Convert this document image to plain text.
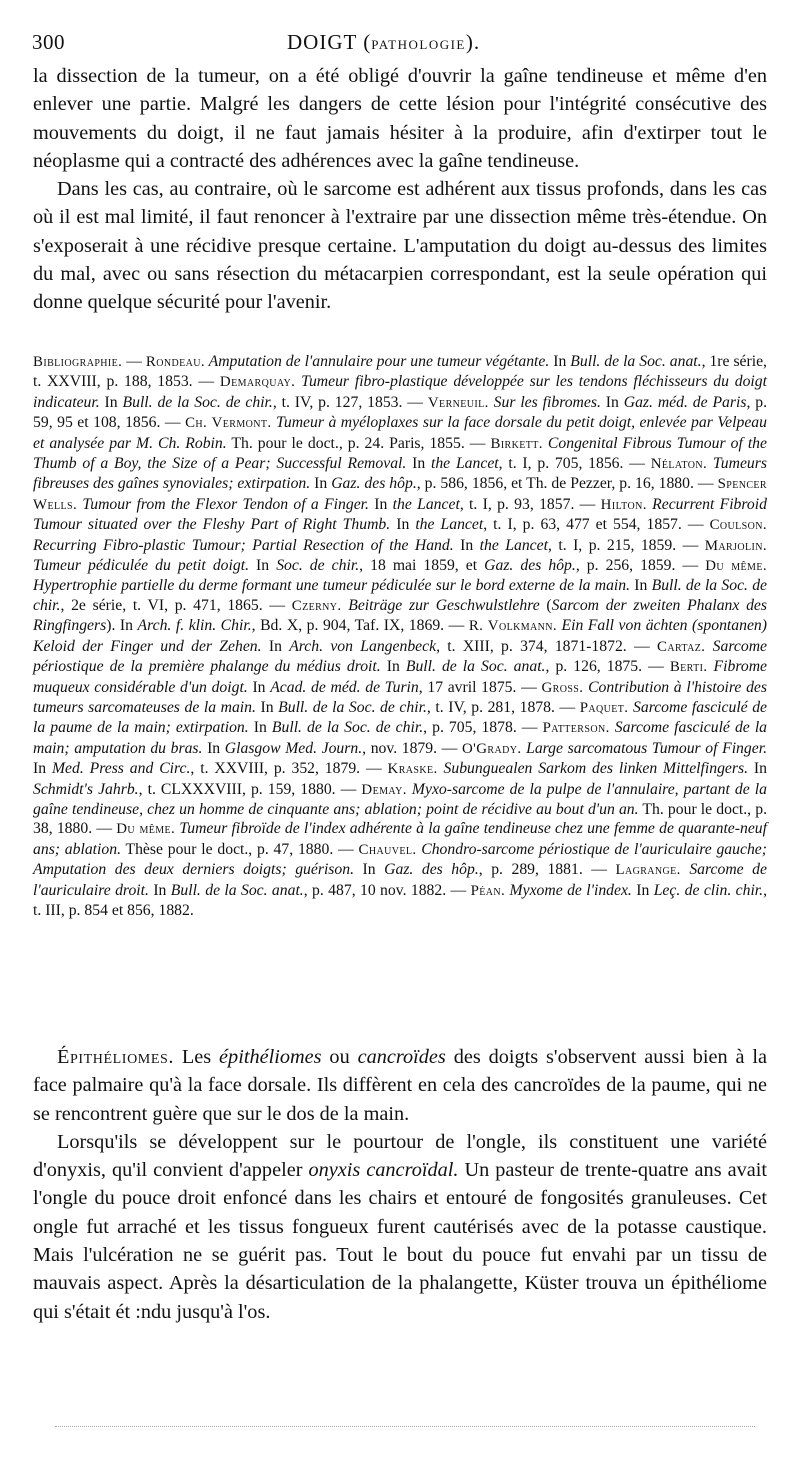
300	DOIGT (PATHOLOGIE).

la dissection de la tumeur, on a été obligé d'ouvrir la gaîne tendineuse et même d'en enlever une partie. Malgré les dangers de cette lésion pour l'intégrité consécutive des mouvements du doigt, il ne faut jamais hésiter à la produire, afin d'extirper tout le néoplasme qui a contracté des adhérences avec la gaîne tendineuse.

Dans les cas, au contraire, où le sarcome est adhérent aux tissus profonds, dans les cas où il est mal limité, il faut renoncer à l'extraire par une dissection même très-étendue. On s'exposerait à une récidive presque certaine. L'amputation du doigt au-dessus des limites du mal, avec ou sans résection du métacarpien correspondant, est la seule opération qui donne quelque sécurité pour l'avenir.

Bibliographie. — Rondeau. Amputation de l'annulaire pour une tumeur végétante. In Bull. de la Soc. anat., 1re série, t. XXVIII, p. 188, 1853. — Demarquay. Tumeur fibro-plastique développée sur les tendons fléchisseurs du doigt indicateur. In Bull. de la Soc. de chir., t. IV, p. 127, 1853. — Verneuil. Sur les fibromes. In Gaz. méd. de Paris, p. 59, 95 et 108, 1856. — Ch. Vermont. Tumeur à myéloplaxes sur la face dorsale du petit doigt, enlevée par Velpeau et analysée par M. Ch. Robin. Th. pour le doct., p. 24. Paris, 1855. — Birkett. Congenital Fibrous Tumour of the Thumb of a Boy, the Size of a Pear; Successful Removal. In the Lancet, t. I, p. 705, 1856. — Nélaton. Tumeurs fibreuses des gaînes synoviales; extirpation. In Gaz. des hôp., p. 586, 1856, et Th. de Pezzer, p. 16, 1880. — Spencer Wells. Tumour from the Flexor Tendon of a Finger. In the Lancet, t. I, p. 93, 1857. — Hilton. Recurrent Fibroid Tumour situated over the Fleshy Part of Right Thumb. In the Lancet, t. I, p. 63, 477 et 554, 1857. — Coulson. Recurring Fibro-plastic Tumour; Partial Resection of the Hand. In the Lancet, t. I, p. 215, 1859. — Marjolin. Tumeur pédiculée du petit doigt. In Soc. de chir., 18 mai 1859, et Gaz. des hôp., p. 256, 1859. — Du même. Hypertrophie partielle du derme formant une tumeur pédiculée sur le bord externe de la main. In Bull. de la Soc. de chir., 2e série, t. VI, p. 471, 1865. — Czerny. Beiträge zur Geschwulstlehre (Sarcom der zweiten Phalanx des Ringfingers). In Arch. f. klin. Chir., Bd. X, p. 904, Taf. IX, 1869. — R. Volkmann. Ein Fall von ächten (spontanen) Keloid der Finger und der Zehen. In Arch. von Langenbeck, t. XIII, p. 374, 1871-1872. — Cartaz. Sarcome périostique de la première phalange du médius droit. In Bull. de la Soc. anat., p. 126, 1875. — Berti. Fibrome muqueux considérable d'un doigt. In Acad. de méd. de Turin, 17 avril 1875. — Gross. Contribution à l'histoire des tumeurs sarcomateuses de la main. In Bull. de la Soc. de chir., t. IV, p. 281, 1878. — Paquet. Sarcome fasciculé de la paume de la main; extirpation. In Bull. de la Soc. de chir., p. 705, 1878. — Patterson. Sarcome fasciculé de la main; amputation du bras. In Glasgow Med. Journ., nov. 1879. — O'Grady. Large sarcomatous Tumour of Finger. In Med. Press and Circ., t. XXVIII, p. 352, 1879. — Kraske. Subunguealen Sarkom des linken Mittelfingers. In Schmidt's Jahrb., t. CLXXXVIII, p. 159, 1880. — Demay. Myxo-sarcome de la pulpe de l'annulaire, partant de la gaîne tendineuse, chez un homme de cinquante ans; ablation; point de récidive au bout d'un an. Th. pour le doct., p. 38, 1880. — Du même. Tumeur fibroïde de l'index adhérente à la gaîne tendineuse chez une femme de quarante-neuf ans; ablation. Thèse pour le doct., p. 47, 1880. — Chauvel. Chondro-sarcome périostique de l'auriculaire gauche; Amputation des deux derniers doigts; guérison. In Gaz. des hôp., p. 289, 1881. — Lagrange. Sarcome de l'auriculaire droit. In Bull. de la Soc. anat., p. 487, 10 nov. 1882. — Péan. Myxome de l'index. In Leç. de clin. chir., t. III, p. 854 et 856, 1882.

Épithéliomes. Les épithéliomes ou cancroïdes des doigts s'observent aussi bien à la face palmaire qu'à la face dorsale. Ils diffèrent en cela des cancroïdes de la paume, qui ne se rencontrent guère que sur le dos de la main.

Lorsqu'ils se développent sur le pourtour de l'ongle, ils constituent une variété d'onyxis, qu'il convient d'appeler onyxis cancroïdal. Un pasteur de trente-quatre ans avait l'ongle du pouce droit enfoncé dans les chairs et entouré de fongosités granuleuses. Cet ongle fut arraché et les tissus fongueux furent cautérisés avec de la potasse caustique. Mais l'ulcération ne se guérit pas. Tout le bout du pouce fut envahi par un tissu de mauvais aspect. Après la désarticulation de la phalangette, Küster trouva un épithéliome qui s'était ét :ndu jusqu'à l'os.
